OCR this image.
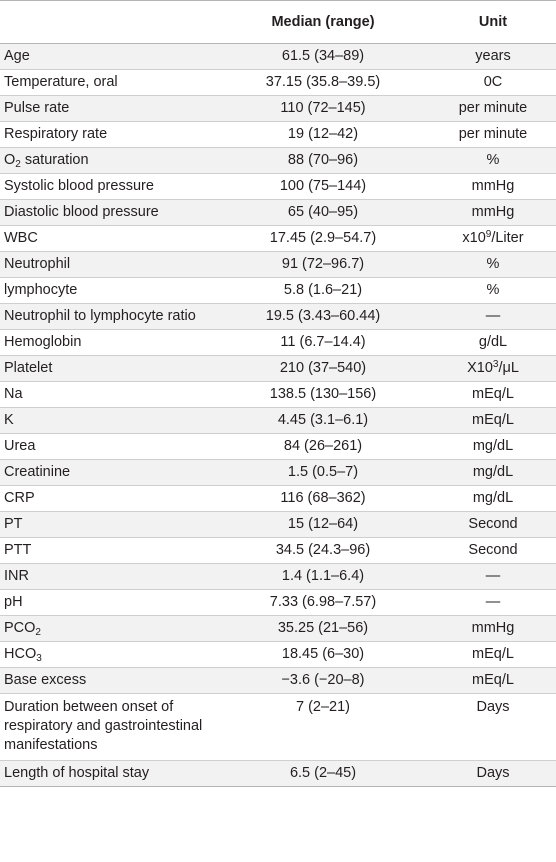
	Median (range)	Unit
Age	61.5 (34–89)	years
Temperature, oral	37.15 (35.8–39.5)	0C
Pulse rate	110 (72–145)	per minute
Respiratory rate	19 (12–42)	per minute
$O_2$ saturation	88 (70–96)	%
Systolic blood pressure	100 (75–144)	mmHg
Diastolic blood pressure	65 (40–95)	mmHg
WBC	17.45 (2.9–54.7)	$x10^9$/Liter
Neutrophil	91 (72–96.7)	%
lymphocyte	5.8 (1.6–21)	%
Neutrophil to lymphocyte ratio	19.5 (3.43–60.44)	—
Hemoglobin	11 (6.7–14.4)	g/dL
Platelet	210 (37–540)	$X10^3/\mu L$
Na	138.5 (130–156)	mEq/L
K	4.45 (3.1–6.1)	mEq/L
Urea	84 (26–261)	mg/dL
Creatinine	1.5 (0.5–7)	mg/dL
CRP	116 (68–362)	mg/dL
PT	15 (12–64)	Second
PTT	34.5 (24.3–96)	Second
INR	1.4 (1.1–6.4)	—
pH	7.33 (6.98–7.57)	—
$PCO_2$	35.25 (21–56)	mmHg
$HCO_3$	18.45 (6–30)	mEq/L
Base excess	−3.6 (−20–8)	mEq/L
Duration between onset of respiratory and gastrointestinal manifestations	7 (2–21)	Days
Length of hospital stay	6.5 (2–45)	Days
